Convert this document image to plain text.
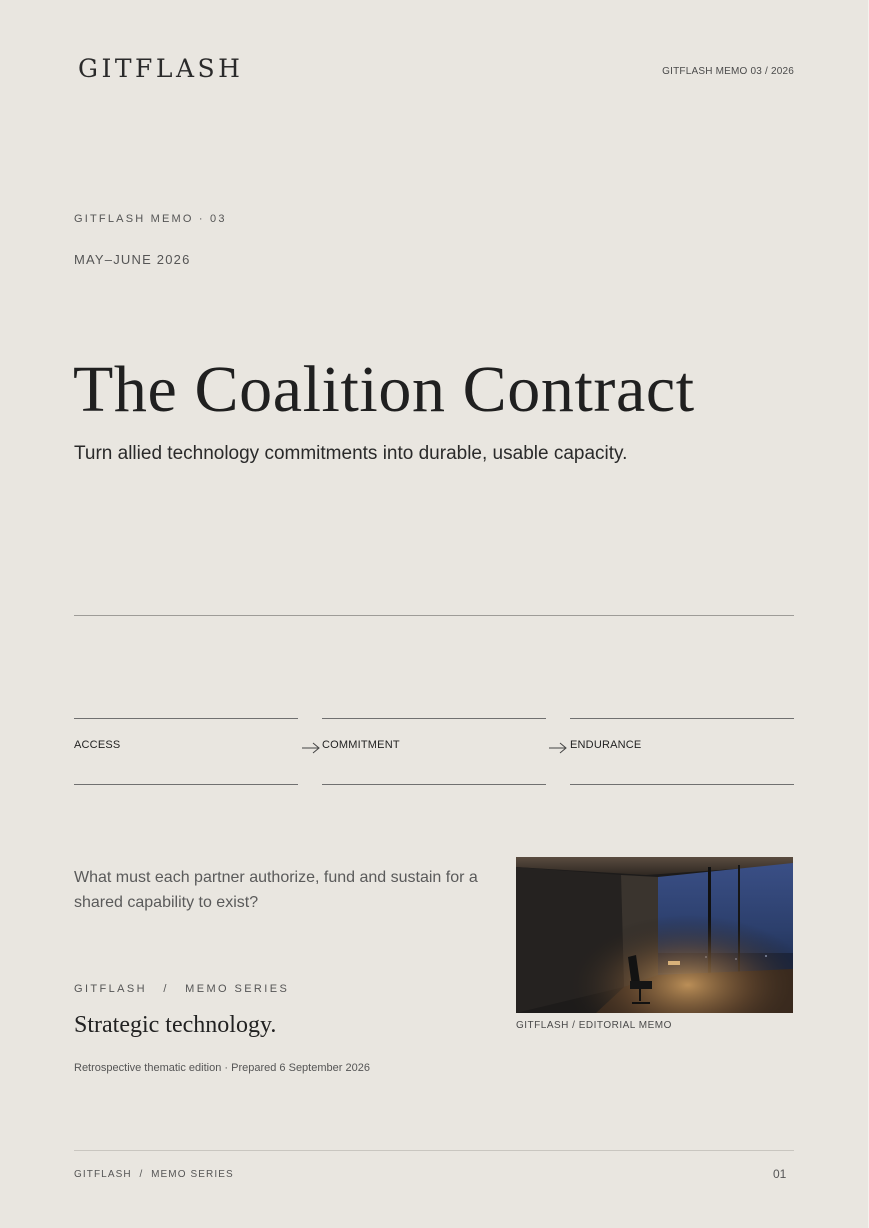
GITFLASH	GITFLASH MEMO 03 / 2026
GITFLASH MEMO · 03
MAY–JUNE 2026
The Coalition Contract
Turn allied technology commitments into durable, usable capacity.
ACCESS	COMMITMENT	ENDURANCE
What must each partner authorize, fund and sustain for a shared capability to exist?
GITFLASH   /   MEMO SERIES
Strategic technology.
Retrospective thematic edition · Prepared 6 September 2026
GITFLASH / EDITORIAL MEMO
GITFLASH  /  MEMO SERIES	01
